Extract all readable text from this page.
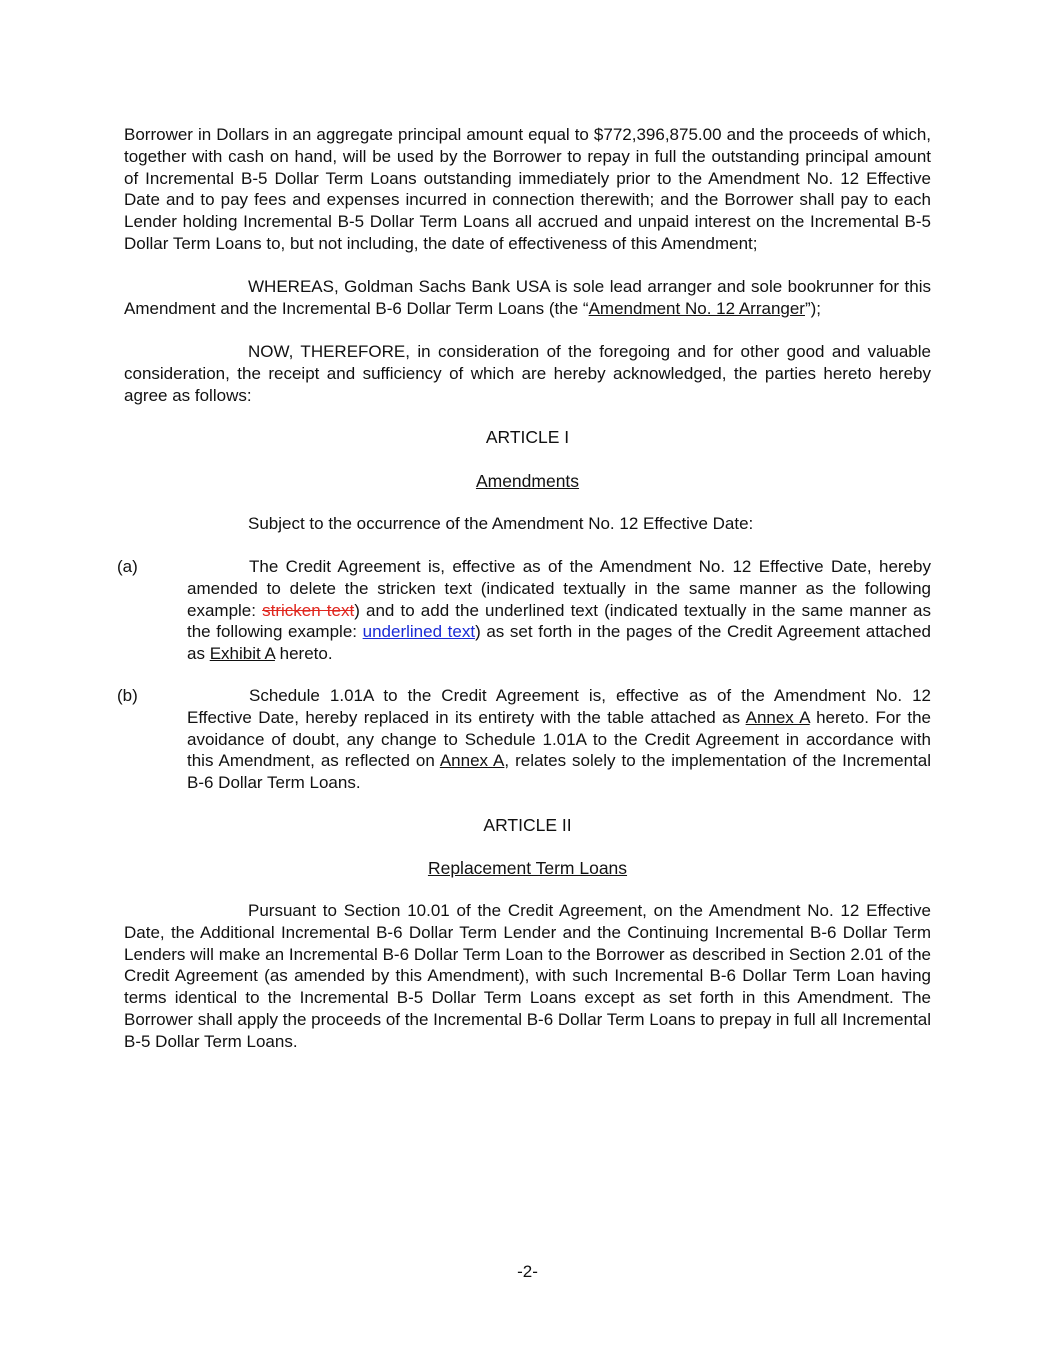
Borrower in Dollars in an aggregate principal amount equal to $772,396,875.00 and the proceeds of which, together with cash on hand, will be used by the Borrower to repay in full the outstanding principal amount of Incremental B-5 Dollar Term Loans outstanding immediately prior to the Amendment No. 12 Effective Date and to pay fees and expenses incurred in connection therewith; and the Borrower shall pay to each Lender holding Incremental B-5 Dollar Term Loans all accrued and unpaid interest on the Incremental B-5 Dollar Term Loans to, but not including, the date of effectiveness of this Amendment;

WHEREAS, Goldman Sachs Bank USA is sole lead arranger and sole bookrunner for this Amendment and the Incremental B-6 Dollar Term Loans (the “Amendment No. 12 Arranger”);

NOW, THEREFORE, in consideration of the foregoing and for other good and valuable consideration, the receipt and sufficiency of which are hereby acknowledged, the parties hereto hereby agree as follows:

ARTICLE I

Amendments

Subject to the occurrence of the Amendment No. 12 Effective Date:

(a)	The Credit Agreement is, effective as of the Amendment No. 12 Effective Date, hereby amended to delete the stricken text (indicated textually in the same manner as the following example: stricken text) and to add the underlined text (indicated textually in the same manner as the following example: underlined text) as set forth in the pages of the Credit Agreement attached as Exhibit A hereto.

(b)	Schedule 1.01A to the Credit Agreement is, effective as of the Amendment No. 12 Effective Date, hereby replaced in its entirety with the table attached as Annex A hereto. For the avoidance of doubt, any change to Schedule 1.01A to the Credit Agreement in accordance with this Amendment, as reflected on Annex A, relates solely to the implementation of the Incremental B-6 Dollar Term Loans.

ARTICLE II

Replacement Term Loans

Pursuant to Section 10.01 of the Credit Agreement, on the Amendment No. 12 Effective Date, the Additional Incremental B-6 Dollar Term Lender and the Continuing Incremental B-6 Dollar Term Lenders will make an Incremental B-6 Dollar Term Loan to the Borrower as described in Section 2.01 of the Credit Agreement (as amended by this Amendment), with such Incremental B-6 Dollar Term Loan having terms identical to the Incremental B-5 Dollar Term Loans except as set forth in this Amendment. The Borrower shall apply the proceeds of the Incremental B-6 Dollar Term Loans to prepay in full all Incremental B-5 Dollar Term Loans.

-2-
